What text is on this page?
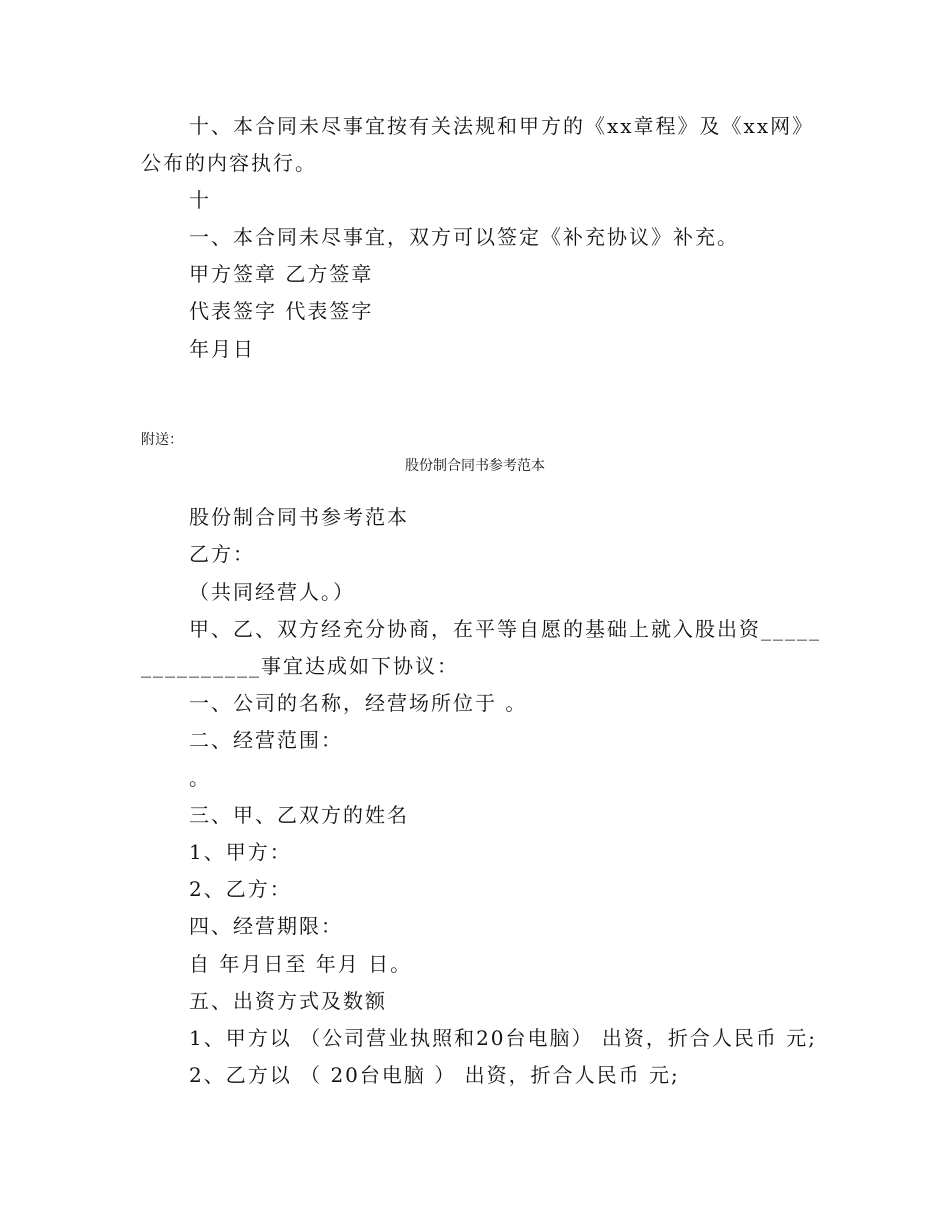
十、本合同未尽事宜按有关法规和甲方的《xx章程》及《xx网》
公布的内容执行。
十
一、本合同未尽事宜，双方可以签定《补充协议》补充。
甲方签章 乙方签章
代表签字 代表签字
年月日
附送：
股份制合同书参考范本
股份制合同书参考范本
乙方：
（共同经营人。）
甲、乙、双方经充分协商，在平等自愿的基础上就入股出资_____
__________事宜达成如下协议：
一、公司的名称，经营场所位于 。
二、经营范围：
。
三、甲、乙双方的姓名
1、甲方：
2、乙方：
四、经营期限：
自 年月日至 年月 日。
五、出资方式及数额
1、甲方以 （公司营业执照和20台电脑） 出资，折合人民币 元;
2、乙方以 （ 20台电脑 ） 出资，折合人民币 元;
